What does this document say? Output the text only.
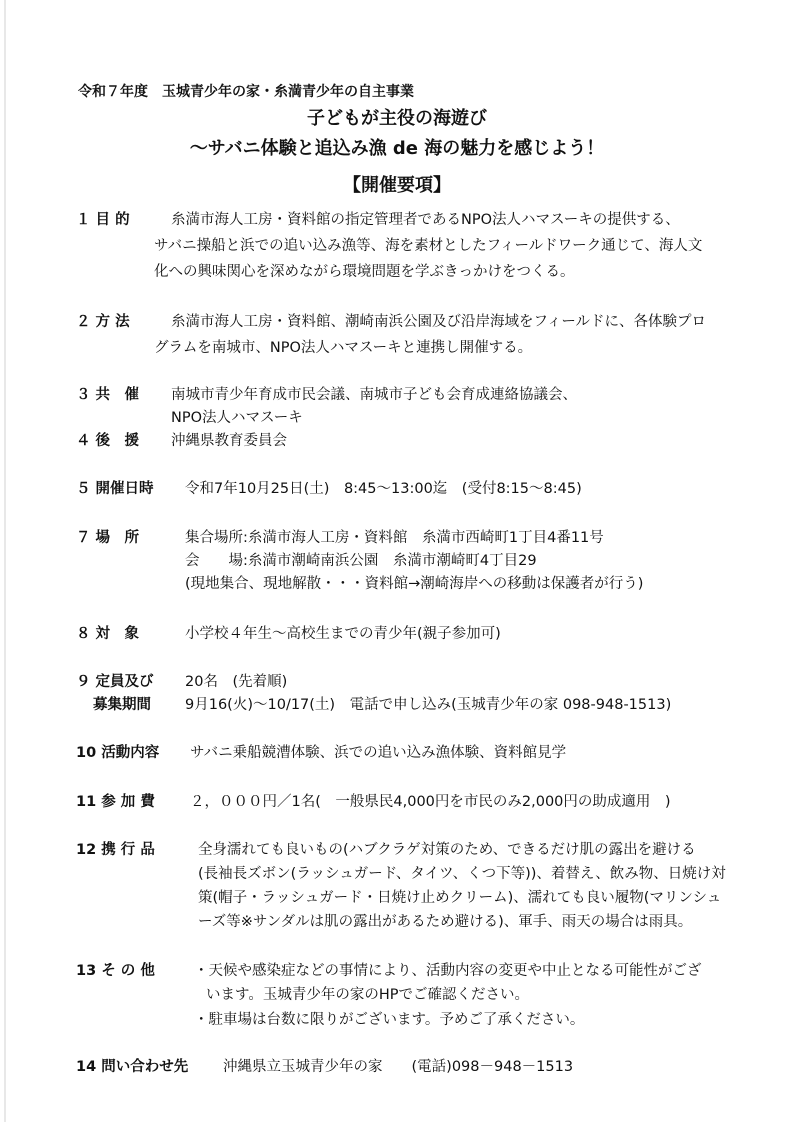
令和７年度　玉城青少年の家・糸満青少年の自主事業
子どもが主役の海遊び
～サバニ体験と追込み漁 de 海の魅力を感じよう！
【開催要項】
１ 目 的	糸満市海人工房・資料館の指定管理者であるNPO法人ハマスーキの提供する、
サバニ操船と浜での追い込み漁等、海を素材としたフィールドワーク通じて、海人文
化への興味関心を深めながら環境問題を学ぶきっかけをつくる。
２ 方 法	糸満市海人工房・資料館、潮崎南浜公園及び沿岸海域をフィールドに、各体験プロ
グラムを南城市、NPO法人ハマスーキと連携し開催する。
３ 共　催 南城市青少年育成市民会議、南城市子ども会育成連絡協議会、
NPO法人ハマスーキ
４ 後　援 沖縄県教育委員会
５ 開催日時 令和7年10月25日(土)　8:45～13:00迄　(受付8:15～8:45)
７ 場　所	集合場所:糸満市海人工房・資料館　糸満市西崎町1丁目4番11号
会　　場:糸満市潮崎南浜公園　糸満市潮崎町4丁目29
(現地集合、現地解散・・・資料館→潮崎海岸への移動は保護者が行う)
８ 対　象	小学校４年生～高校生までの青少年(親子参加可)
９ 定員及び 20名　(先着順)
募集期間 9月16(火)～10/17(土)　電話で申し込み(玉城青少年の家 098-948-1513)
10 活動内容 サバニ乗船競漕体験、浜での追い込み漁体験、資料館見学
11 参 加 費 ２，０００円／1名(　一般県民4,000円を市民のみ2,000円の助成適用　)
12 携 行 品	全身濡れても良いもの(ハブクラゲ対策のため、できるだけ肌の露出を避ける
(長袖長ズボン(ラッシュガード、タイツ、くつ下等))、着替え、飲み物、日焼け対
策(帽子・ラッシュガード・日焼け止めクリーム)、濡れても良い履物(マリンシュ
ーズ等※サンダルは肌の露出があるため避ける)、軍手、雨天の場合は雨具。
13 そ の 他	・天候や感染症などの事情により、活動内容の変更や中止となる可能性がござ
います。玉城青少年の家のHPでご確認ください。
・駐車場は台数に限りがございます。予めご了承ください。
14 問い合わせ先 沖縄県立玉城青少年の家　　(電話)098－948－1513
